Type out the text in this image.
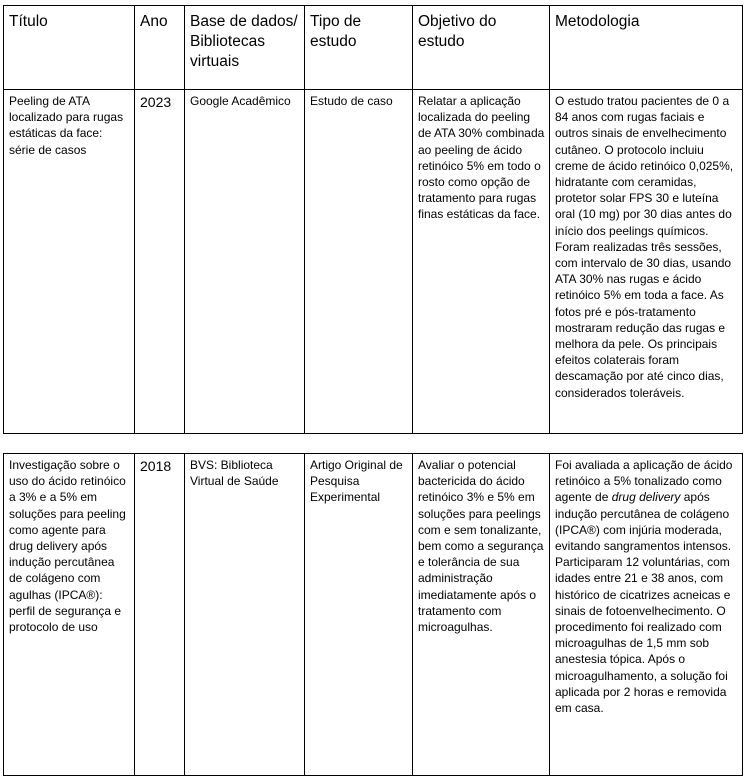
Título	Ano	Base de dados/ Bibliotecas virtuais	Tipo de estudo	Objetivo do estudo	Metodologia
Peeling de ATA localizado para rugas estáticas da face: série de casos	2023	Google Acadêmico	Estudo de caso	Relatar a aplicação localizada do peeling de ATA 30% combinada ao peeling de ácido retinóico 5% em todo o rosto como opção de tratamento para rugas finas estáticas da face.	O estudo tratou pacientes de 0 a 84 anos com rugas faciais e outros sinais de envelhecimento cutâneo. O protocolo incluiu creme de ácido retinóico 0,025%, hidratante com ceramidas, protetor solar FPS 30 e luteína oral (10 mg) por 30 dias antes do início dos peelings químicos. Foram realizadas três sessões, com intervalo de 30 dias, usando ATA 30% nas rugas e ácido retinóico 5% em toda a face. As fotos pré e pós-tratamento mostraram redução das rugas e melhora da pele. Os principais efeitos colaterais foram descamação por até cinco dias, considerados toleráveis.
Investigação sobre o uso do ácido retinóico a 3% e a 5% em soluções para peeling como agente para drug delivery após indução percutânea de colágeno com agulhas (IPCA®): perfil de segurança e protocolo de uso	2018	BVS: Biblioteca Virtual de Saúde	Artigo Original de Pesquisa Experimental	Avaliar o potencial bactericida do ácido retinóico 3% e 5% em soluções para peelings com e sem tonalizante, bem como a segurança e tolerância de sua administração imediatamente após o tratamento com microagulhas.	Foi avaliada a aplicação de ácido retinóico a 5% tonalizado como agente de drug delivery após indução percutânea de colágeno (IPCA®) com injúria moderada, evitando sangramentos intensos. Participaram 12 voluntárias, com idades entre 21 e 38 anos, com histórico de cicatrizes acneicas e sinais de fotoenvelhecimento. O procedimento foi realizado com microagulhas de 1,5 mm sob anestesia tópica. Após o microagulhamento, a solução foi aplicada por 2 horas e removida em casa.
